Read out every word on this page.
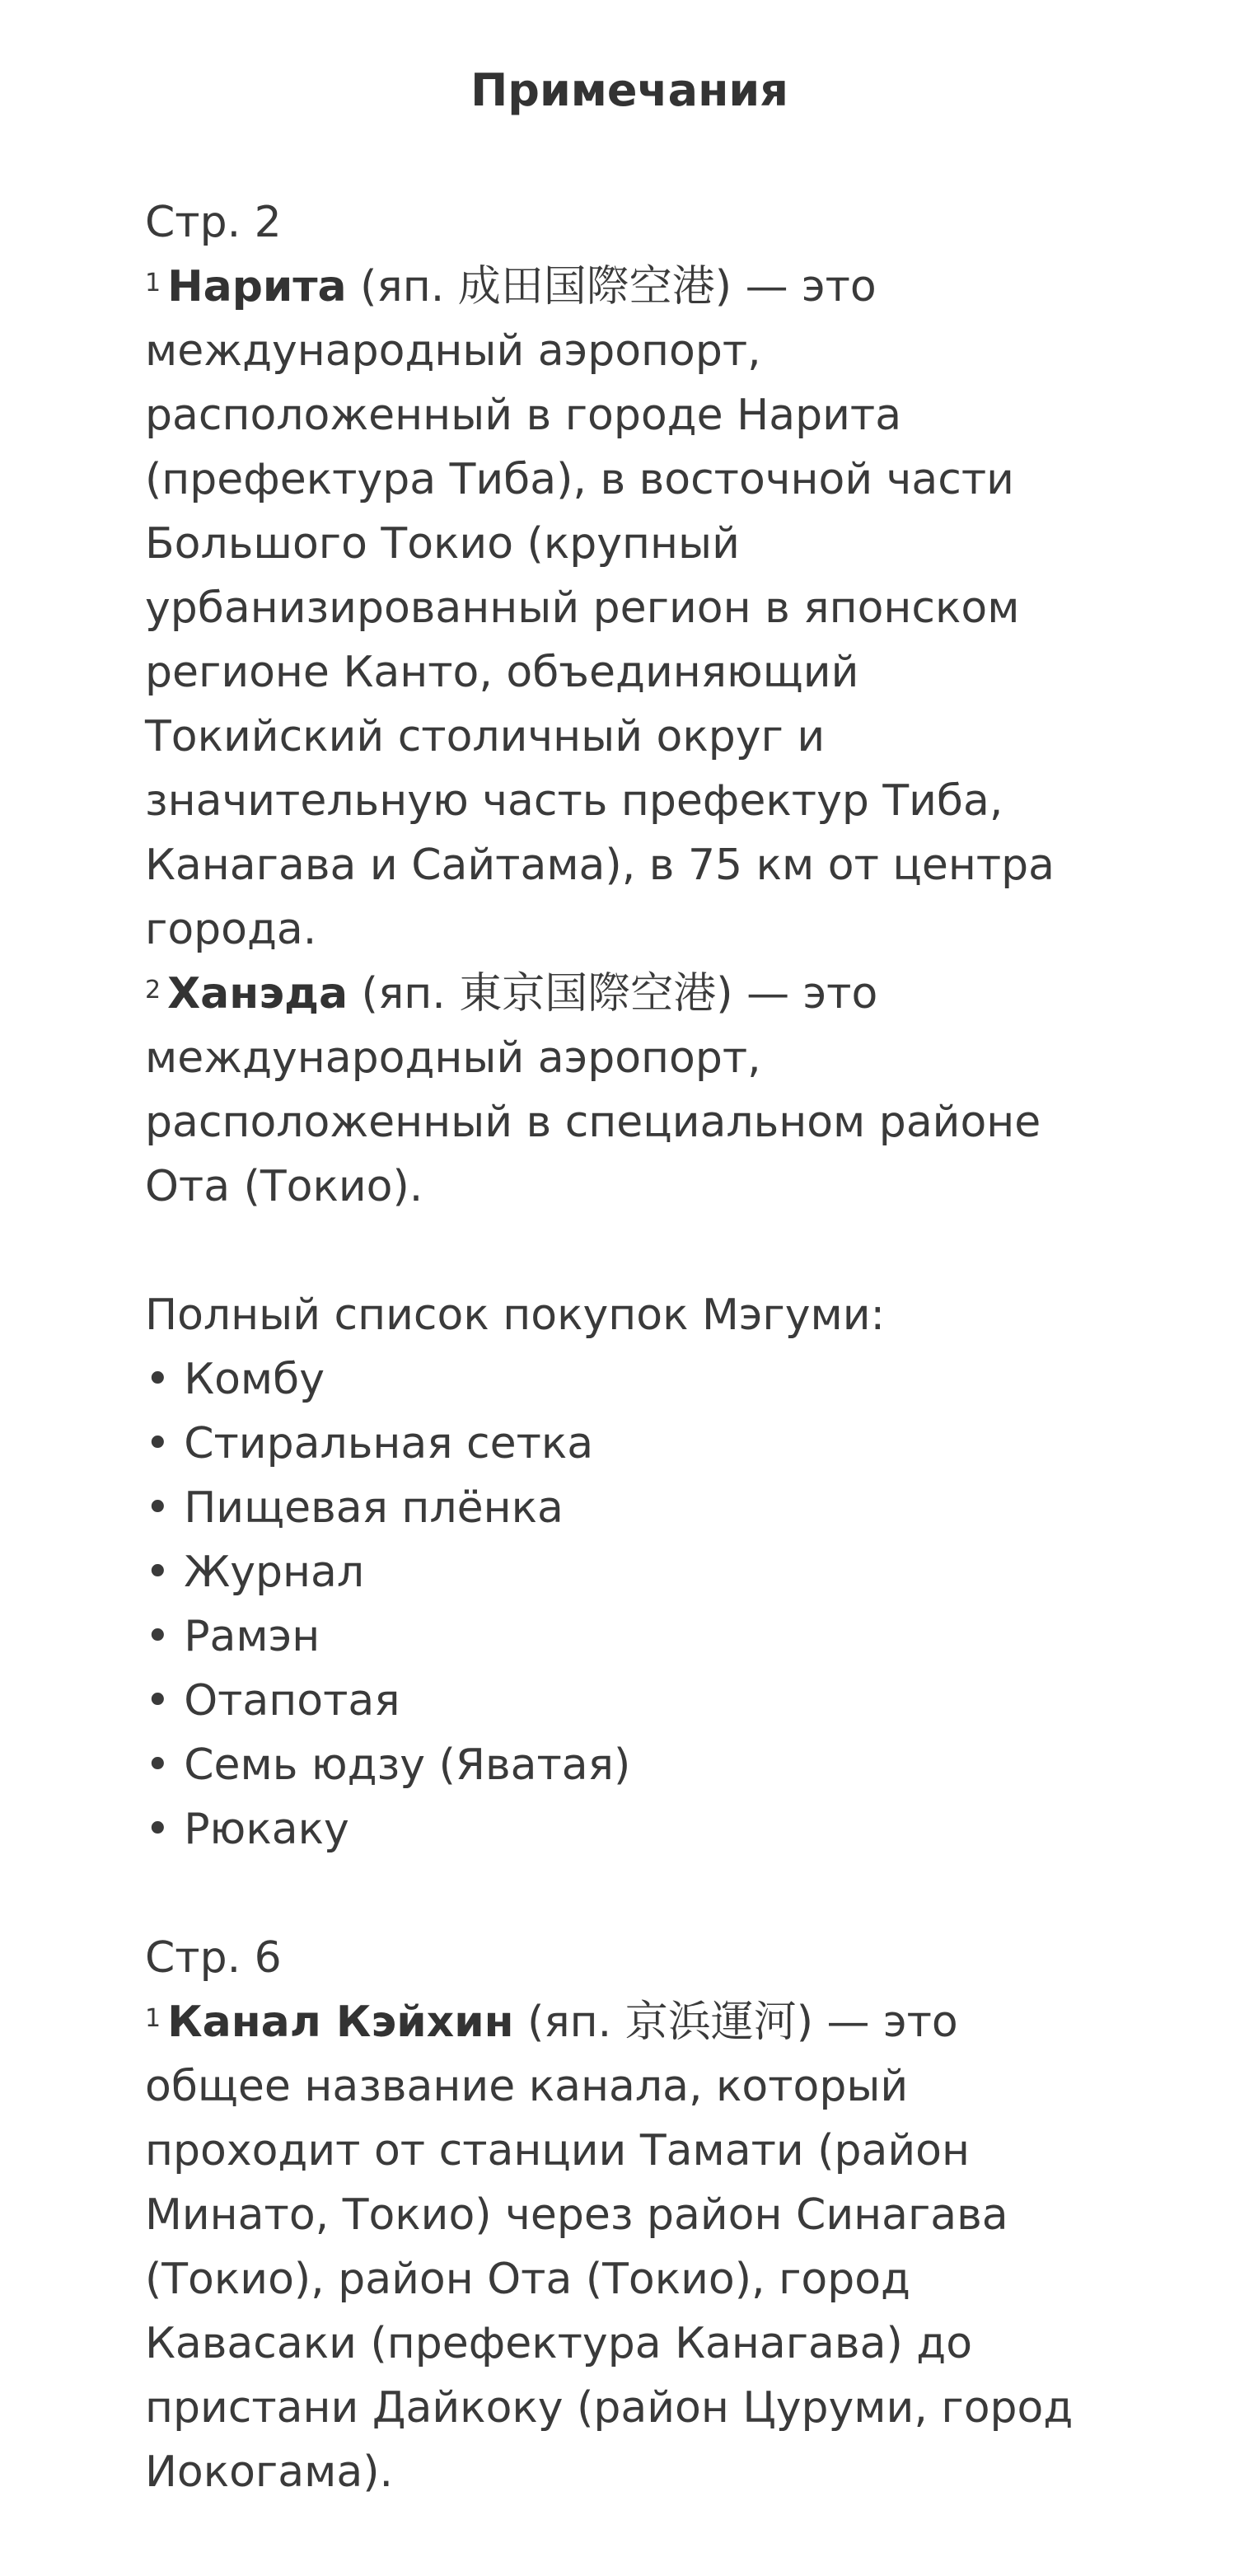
Примечания
Стр. 2
$^1$ Нарита (яп. 成田国際空港) — это международный аэропорт, расположенный в городе Нарита (префектура Тиба), в восточной части Большого Токио (крупный урбанизированный регион в японском регионе Канто, объединяющий Токийский столичный округ и значительную часть префектур Тиба, Канагава и Сайтама), в 75 км от центра города.
$^2$ Ханэда (яп. 東京国際空港) — это международный аэропорт, расположенный в специальном районе Ота (Токио).
Полный список покупок Мэгуми:
• Комбу
• Стиральная сетка
• Пищевая плёнка
• Журнал
• Рамэн
• Отапотая
• Семь юдзу (Яватая)
• Рюкаку
Стр. 6
$^1$ Канал Кэйхин (яп. 京浜運河) — это общее название канала, который проходит от станции Тамати (район Минато, Токио) через район Синагава (Токио), район Ота (Токио), город Кавасаки (префектура Канагава) до пристани Дайкоку (район Цуруми, город Иокогама).
